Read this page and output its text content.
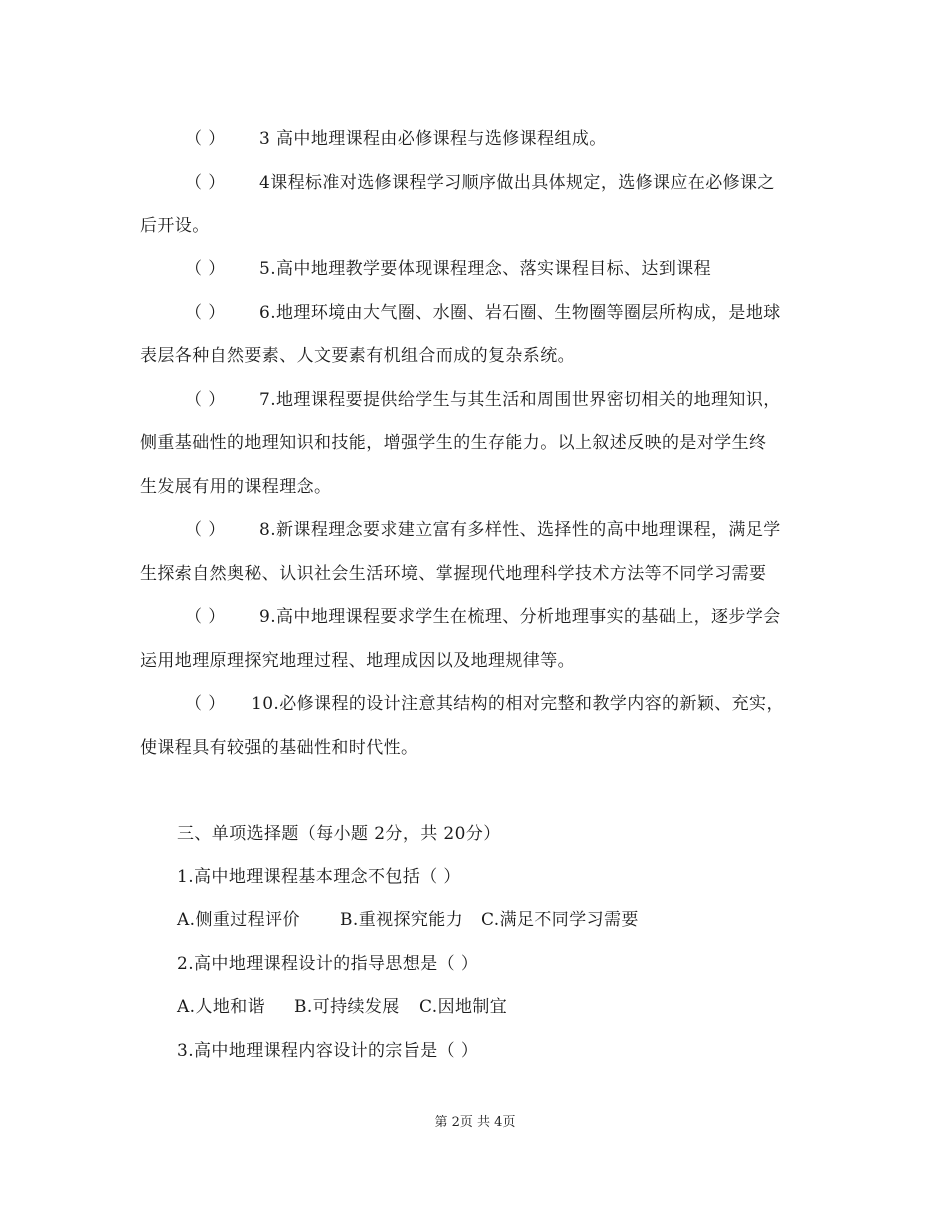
（ ） 3 高中地理课程由必修课程与选修课程组成。
（ ） 4课程标准对选修课程学习顺序做出具体规定，选修课应在必修课之
后开设。
（ ） 5.高中地理教学要体现课程理念、落实课程目标、达到课程
（ ） 6.地理环境由大气圈、水圈、岩石圈、生物圈等圈层所构成，是地球
表层各种自然要素、人文要素有机组合而成的复杂系统。
（ ） 7.地理课程要提供给学生与其生活和周围世界密切相关的地理知识，
侧重基础性的地理知识和技能，增强学生的生存能力。以上叙述反映的是对学生终
生发展有用的课程理念。
（ ） 8.新课程理念要求建立富有多样性、选择性的高中地理课程，满足学
生探索自然奥秘、认识社会生活环境、掌握现代地理科学技术方法等不同学习需要
（ ） 9.高中地理课程要求学生在梳理、分析地理事实的基础上，逐步学会
运用地理原理探究地理过程、地理成因以及地理规律等。
（ ） 10.必修课程的设计注意其结构的相对完整和教学内容的新颖、充实，
使课程具有较强的基础性和时代性。
三、单项选择题（每小题 2分，共 20分）
1.高中地理课程基本理念不包括（ ）
A.侧重过程评价 B.重视探究能力 C.满足不同学习需要
2.高中地理课程设计的指导思想是（ ）
A.人地和谐 B.可持续发展 C.因地制宜
3.高中地理课程内容设计的宗旨是（ ）
第 2页 共 4页
